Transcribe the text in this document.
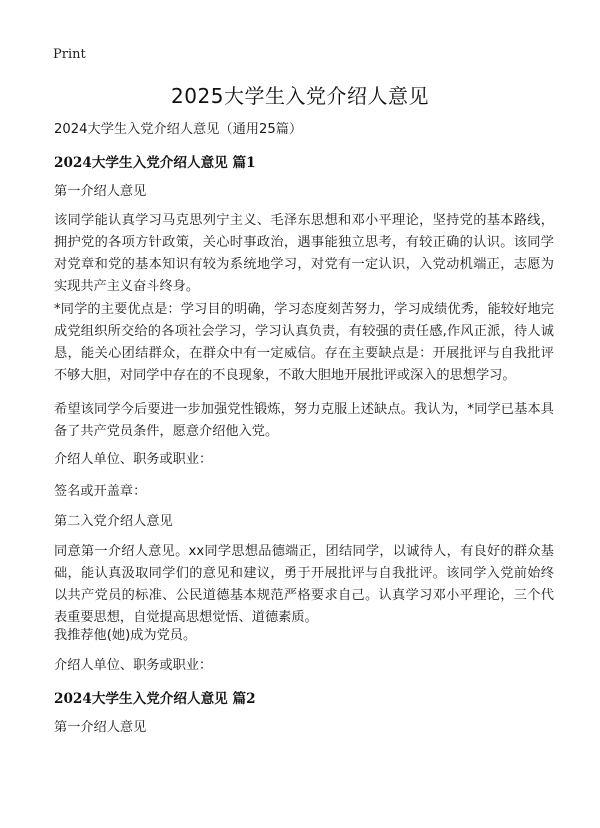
Print
2025大学生入党介绍人意见
2024大学生入党介绍人意见（通用25篇）
2024大学生入党介绍人意见 篇1
第一介绍人意见
该同学能认真学习马克思列宁主义、毛泽东思想和邓小平理论，坚持党的基本路线，拥护党的各项方针政策，关心时事政治，遇事能独立思考，有较正确的认识。该同学对党章和党的基本知识有较为系统地学习，对党有一定认识，入党动机端正，志愿为实现共产主义奋斗终身。
*同学的主要优点是：学习目的明确，学习态度刻苦努力，学习成绩优秀，能较好地完成党组织所交给的各项社会学习，学习认真负责，有较强的责任感,作风正派，待人诚恳，能关心团结群众，在群众中有一定威信。存在主要缺点是：开展批评与自我批评不够大胆，对同学中存在的不良现象，不敢大胆地开展批评或深入的思想学习。
希望该同学今后要进一步加强党性锻炼，努力克服上述缺点。我认为，*同学已基本具备了共产党员条件，愿意介绍他入党。
介绍人单位、职务或职业：
签名或开盖章：
第二入党介绍人意见
同意第一介绍人意见。xx同学思想品德端正，团结同学，以诚待人，有良好的群众基础，能认真汲取同学们的意见和建议，勇于开展批评与自我批评。该同学入党前始终以共产党员的标准、公民道德基本规范严格要求自己。认真学习邓小平理论，三个代表重要思想，自觉提高思想觉悟、道德素质。
我推荐他(她)成为党员。
介绍人单位、职务或职业：
2024大学生入党介绍人意见 篇2
第一介绍人意见
